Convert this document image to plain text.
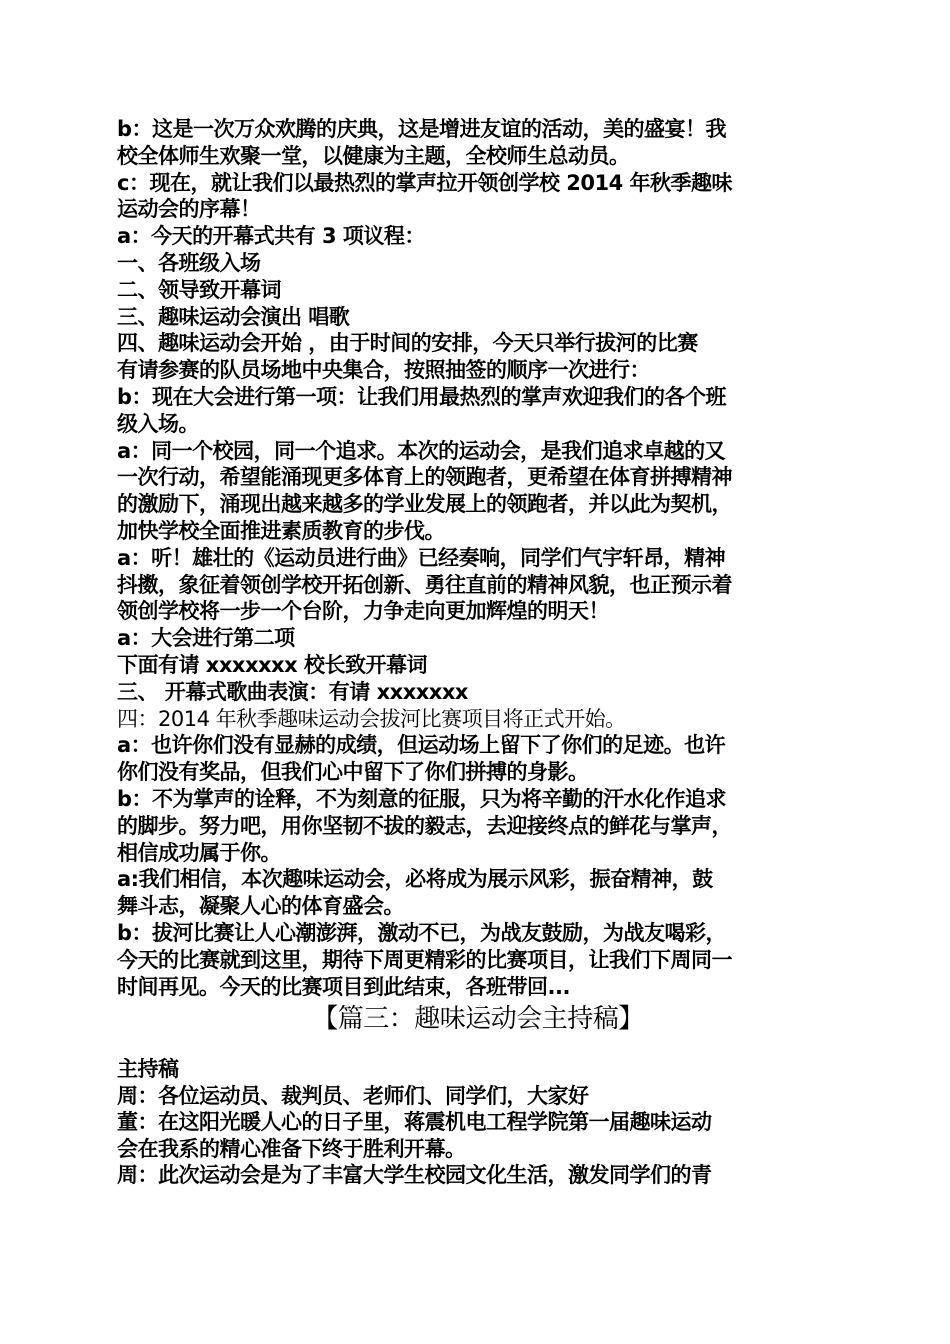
b：这是一次万众欢腾的庆典，这是增进友谊的活动，美的盛宴！我
校全体师生欢聚一堂，以健康为主题，全校师生总动员。
c：现在，就让我们以最热烈的掌声拉开领创学校 2014 年秋季趣味
运动会的序幕！
a：今天的开幕式共有 3 项议程：
一、各班级入场
二、领导致开幕词
三、趣味运动会演出 唱歌
四、趣味运动会开始 ，由于时间的安排，今天只举行拔河的比赛
有请参赛的队员场地中央集合，按照抽签的顺序一次进行：
b：现在大会进行第一项：让我们用最热烈的掌声欢迎我们的各个班
级入场。
a：同一个校园，同一个追求。本次的运动会，是我们追求卓越的又
一次行动，希望能涌现更多体育上的领跑者，更希望在体育拼搏精神
的激励下，涌现出越来越多的学业发展上的领跑者，并以此为契机，
加快学校全面推进素质教育的步伐。
a：听！雄壮的《运动员进行曲》已经奏响，同学们气宇轩昂，精神
抖擞，象征着领创学校开拓创新、勇往直前的精神风貌，也正预示着
领创学校将一步一个台阶，力争走向更加辉煌的明天！
a：大会进行第二项
下面有请 xxxxxxx 校长致开幕词
三、 开幕式歌曲表演：有请 xxxxxxx
四：2014 年秋季趣味运动会拔河比赛项目将正式开始。
a：也许你们没有显赫的成绩，但运动场上留下了你们的足迹。也许
你们没有奖品，但我们心中留下了你们拼搏的身影。
b：不为掌声的诠释，不为刻意的征服，只为将辛勤的汗水化作追求
的脚步。努力吧，用你坚韧不拔的毅志，去迎接终点的鲜花与掌声，
相信成功属于你。
a:我们相信，本次趣味运动会，必将成为展示风彩，振奋精神，鼓
舞斗志，凝聚人心的体育盛会。
b：拔河比赛让人心潮澎湃，激动不已，为战友鼓励，为战友喝彩，
今天的比赛就到这里，期待下周更精彩的比赛项目，让我们下周同一
时间再见。今天的比赛项目到此结束，各班带回...
【篇三：趣味运动会主持稿】
主持稿
周：各位运动员、裁判员、老师们、同学们，大家好
董：在这阳光暖人心的日子里，蒋震机电工程学院第一届趣味运动
会在我系的精心准备下终于胜利开幕。
周：此次运动会是为了丰富大学生校园文化生活，激发同学们的青
